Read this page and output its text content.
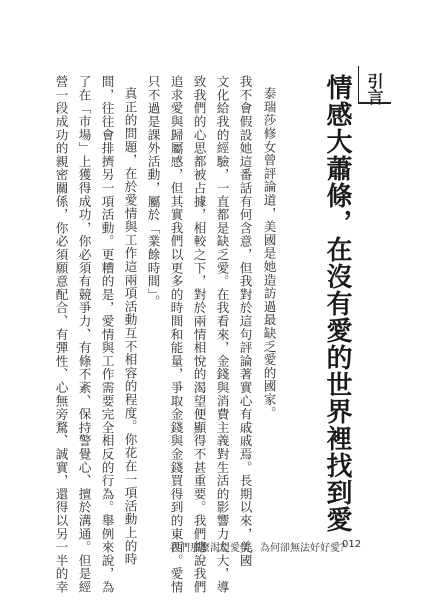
引言
情感大蕭條，在沒有愛的世界裡找到愛
泰瑞莎修女曾評論道，美國是她造訪過最缺乏愛的國家。
我不會假設她這番話有何含意，但我對於這句評論著實心有戚戚焉。長期以來，美國
文化給我的經驗，一直都是缺乏愛。在我看來，金錢與消費主義對生活的影響力太大，導
致我們的心思都被占據，相較之下，對於兩情相悅的渴望便顯得不甚重要。我們總說我們
追求愛與歸屬感，但其實我們以更多的時間和能量，爭取金錢與金錢買得到的東西。愛情
只不過是課外活動，屬於「業餘時間」。
真正的問題，在於愛情與工作這兩項活動互不相容的程度。你花在一項活動上的時
間，往往會排擠另一項活動。更糟的是，愛情與工作需要完全相反的行為。舉例來說，為
了在「市場」上獲得成功，你必須有競爭力、有條不紊、保持警覺心、擅於溝通。但是經
營一段成功的親密關係，你必須願意配合、有彈性、心無旁騖、誠實，還得以另一半的幸	我們那麼渴望愛情，為何卻無法好好愛？
012
